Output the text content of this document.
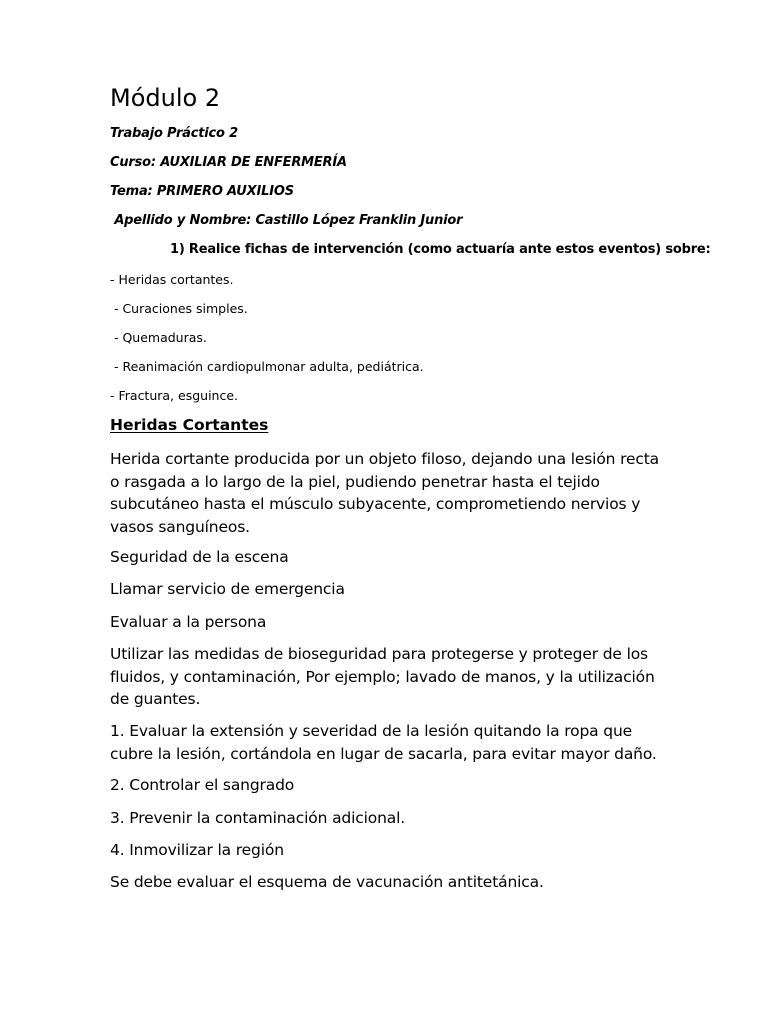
Módulo 2

Trabajo Práctico 2

Curso: AUXILIAR DE ENFERMERÍA

Tema: PRIMERO AUXILIOS

Apellido y Nombre: Castillo López Franklin Junior

1) Realice fichas de intervención (como actuaría ante estos eventos) sobre:

- Heridas cortantes.

- Curaciones simples.

- Quemaduras.

- Reanimación cardiopulmonar adulta, pediátrica.

- Fractura, esguince.

Heridas Cortantes

Herida cortante producida por un objeto filoso, dejando una lesión recta o rasgada a lo largo de la piel, pudiendo penetrar hasta el tejido subcutáneo hasta el músculo subyacente, comprometiendo nervios y vasos sanguíneos.

Seguridad de la escena

Llamar servicio de emergencia

Evaluar a la persona

Utilizar las medidas de bioseguridad para protegerse y proteger de los fluidos, y contaminación, Por ejemplo; lavado de manos, y la utilización de guantes.

1. Evaluar la extensión y severidad de la lesión quitando la ropa que cubre la lesión, cortándola en lugar de sacarla, para evitar mayor daño.

2. Controlar el sangrado

3. Prevenir la contaminación adicional.

4. Inmovilizar la región

Se debe evaluar el esquema de vacunación antitetánica.
